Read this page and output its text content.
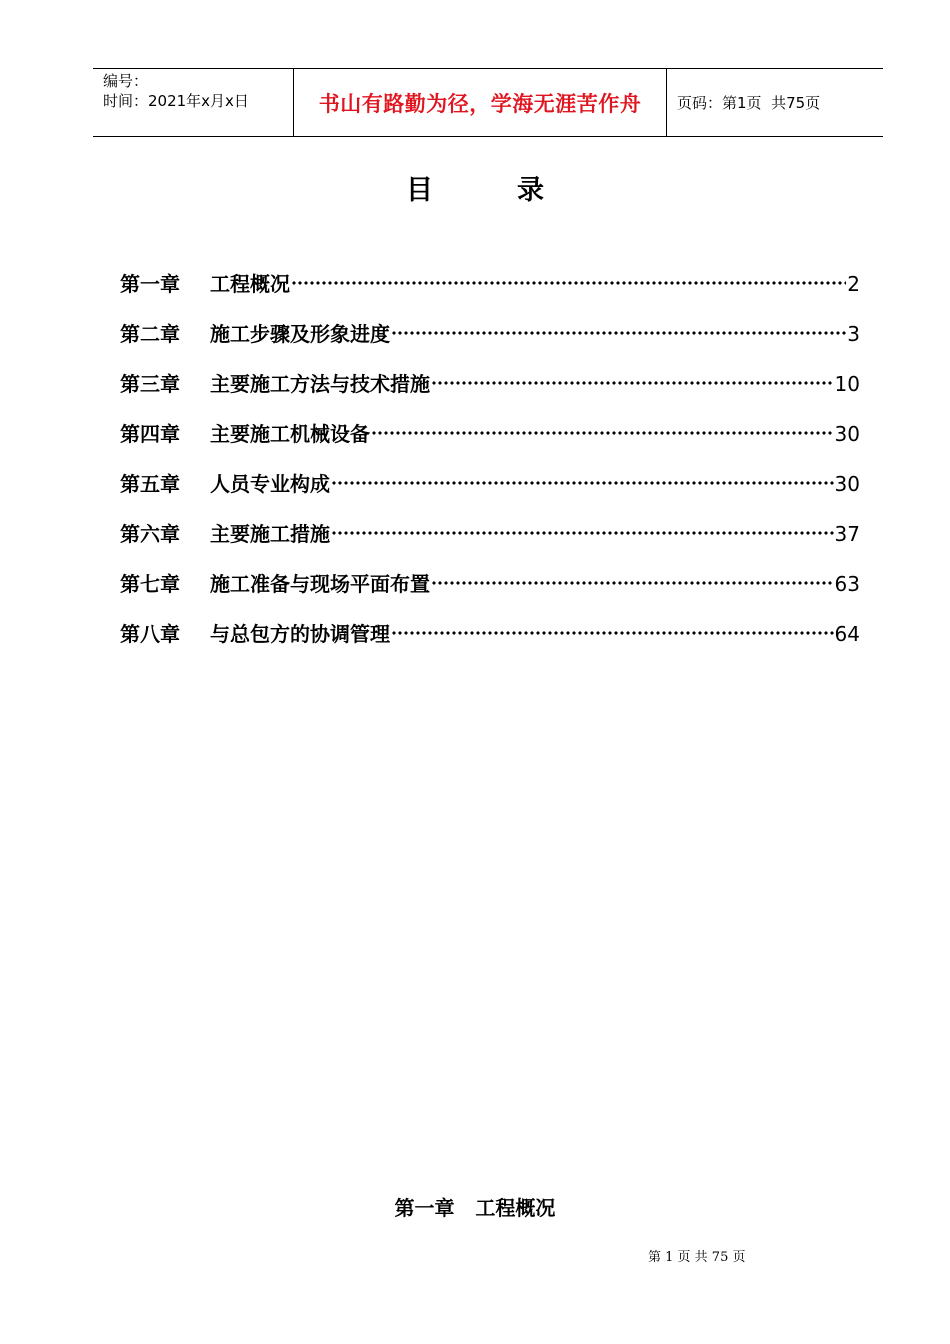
编号：
时间：2021年x月x日	书山有路勤为径，学海无涯苦作舟 页码：第1页  共75页
目	录
第一章	工程概况	2
第二章	施工步骤及形象进度	3
第三章	主要施工方法与技术措施	10
第四章	主要施工机械设备	30
第五章	人员专业构成	30
第六章	主要施工措施	37
第七章	施工准备与现场平面布置	63
第八章	与总包方的协调管理	64
第一章   工程概况
第 1 页 共 75 页
